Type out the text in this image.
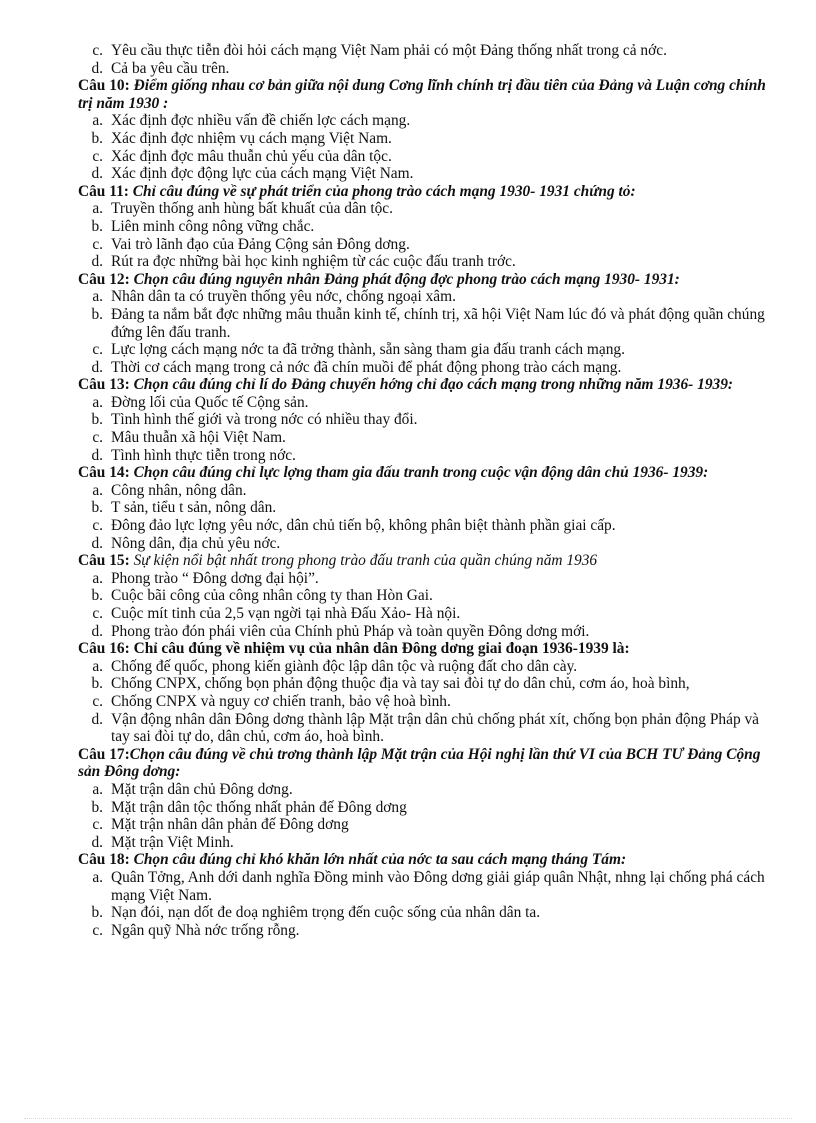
c. Yêu cầu thực tiễn đòi hỏi cách mạng Việt Nam phải có một Đảng thống nhất trong cả nớc.
d. Cả ba yêu cầu trên.

Câu 10: Điểm giống nhau cơ bản giữa nội dung Cơng lĩnh chính trị đầu tiên của Đảng và Luận cơng chính trị năm 1930 :

a. Xác định đợc nhiều vấn đề chiến lợc cách mạng.
b. Xác định đợc nhiệm vụ cách mạng Việt Nam.
c. Xác định đợc mâu thuẫn chủ yếu của dân tộc.
d. Xác định đợc động lực của cách mạng Việt Nam.

Câu 11: Chỉ câu đúng về sự phát triển của phong trào cách mạng 1930- 1931 chứng tỏ:

a. Truyền thống anh hùng bất khuất của dân tộc.
b. Liên minh công nông vững chắc.
c. Vai trò lãnh đạo của Đảng Cộng sản Đông dơng.
d. Rút ra đợc những bài học kinh nghiệm từ các cuộc đấu tranh trớc.

Câu 12: Chọn câu đúng nguyên nhân Đảng phát động đợc phong trào cách mạng 1930- 1931:

a. Nhân dân ta có truyền thống yêu nớc, chống ngoại xâm.
b. Đảng ta nắm bắt đợc những mâu thuẫn kinh tế, chính trị, xã hội Việt Nam lúc đó và phát động quần chúng đứng lên đấu tranh.
c. Lực lợng cách mạng nớc ta đã trởng thành, sẵn sàng tham gia đấu tranh cách mạng.
d. Thời cơ cách mạng trong cả nớc đã chín muồi để phát động phong trào cách mạng.

Câu 13: Chọn câu đúng chỉ lí do Đảng chuyển hớng chỉ đạo cách mạng trong những năm 1936- 1939:

a. Đờng lối của Quốc tế Cộng sản.
b. Tình hình thế giới và trong nớc có nhiều thay đổi.
c. Mâu thuẫn xã hội Việt Nam.
d. Tình hình thực tiễn trong nớc.

Câu 14: Chọn câu đúng chỉ lực lợng tham gia đấu tranh trong cuộc vận động dân chủ 1936- 1939:

a. Công nhân, nông dân.
b. T sản, tiểu t sản, nông dân.
c. Đông đảo lực lợng yêu nớc, dân chủ tiến bộ, không phân biệt thành phần giai cấp.
d. Nông dân, địa chủ yêu nớc.

Câu 15: Sự kiện nổi bật nhất trong phong trào đấu tranh của quần chúng năm 1936

a. Phong trào “ Đông dơng đại hội”.
b. Cuộc bãi công của công nhân công ty than Hòn Gai.
c. Cuộc mít tinh của 2,5 vạn ngời tại nhà Đấu Xảo- Hà nội.
d. Phong trào đón phái viên của Chính phủ Pháp và toàn quyền Đông dơng mới.

Câu 16: Chỉ câu đúng về nhiệm vụ của nhân dân Đông dơng giai đoạn 1936-1939 là:

a. Chống đế quốc, phong kiến giành độc lập dân tộc và ruộng đất cho dân cày.
b. Chống CNPX, chống bọn phản động thuộc địa và tay sai đòi tự do dân chủ, cơm áo, hoà bình,
c. Chống CNPX và nguy cơ chiến tranh, bảo vệ hoà bình.
d. Vận động nhân dân Đông dơng thành lập Mặt trận dân chủ chống phát xít, chống bọn phản động Pháp và tay sai đòi tự do, dân chủ, cơm áo, hoà bình.

Câu 17:Chọn câu đúng về chủ trơng thành lập Mặt trận của Hội nghị lần thứ VI của BCH TƯ Đảng Cộng sản Đông dơng:

a. Mặt trận dân chủ Đông dơng.
b. Mặt trận dân tộc thống nhất phản đế Đông dơng
c. Mặt trận nhân dân phản đế Đông dơng
d. Mặt trận Việt Minh.

Câu 18: Chọn câu đúng chỉ khó khăn lớn nhất của nớc ta sau cách mạng tháng Tám:

a. Quân Tởng, Anh dới danh nghĩa Đồng minh vào Đông dơng giải giáp quân Nhật, nhng lại chống phá cách mạng Việt Nam.
b. Nạn đói, nạn dốt đe doạ nghiêm trọng đến cuộc sống của nhân dân ta.
c. Ngân quỹ Nhà nớc trống rỗng.
